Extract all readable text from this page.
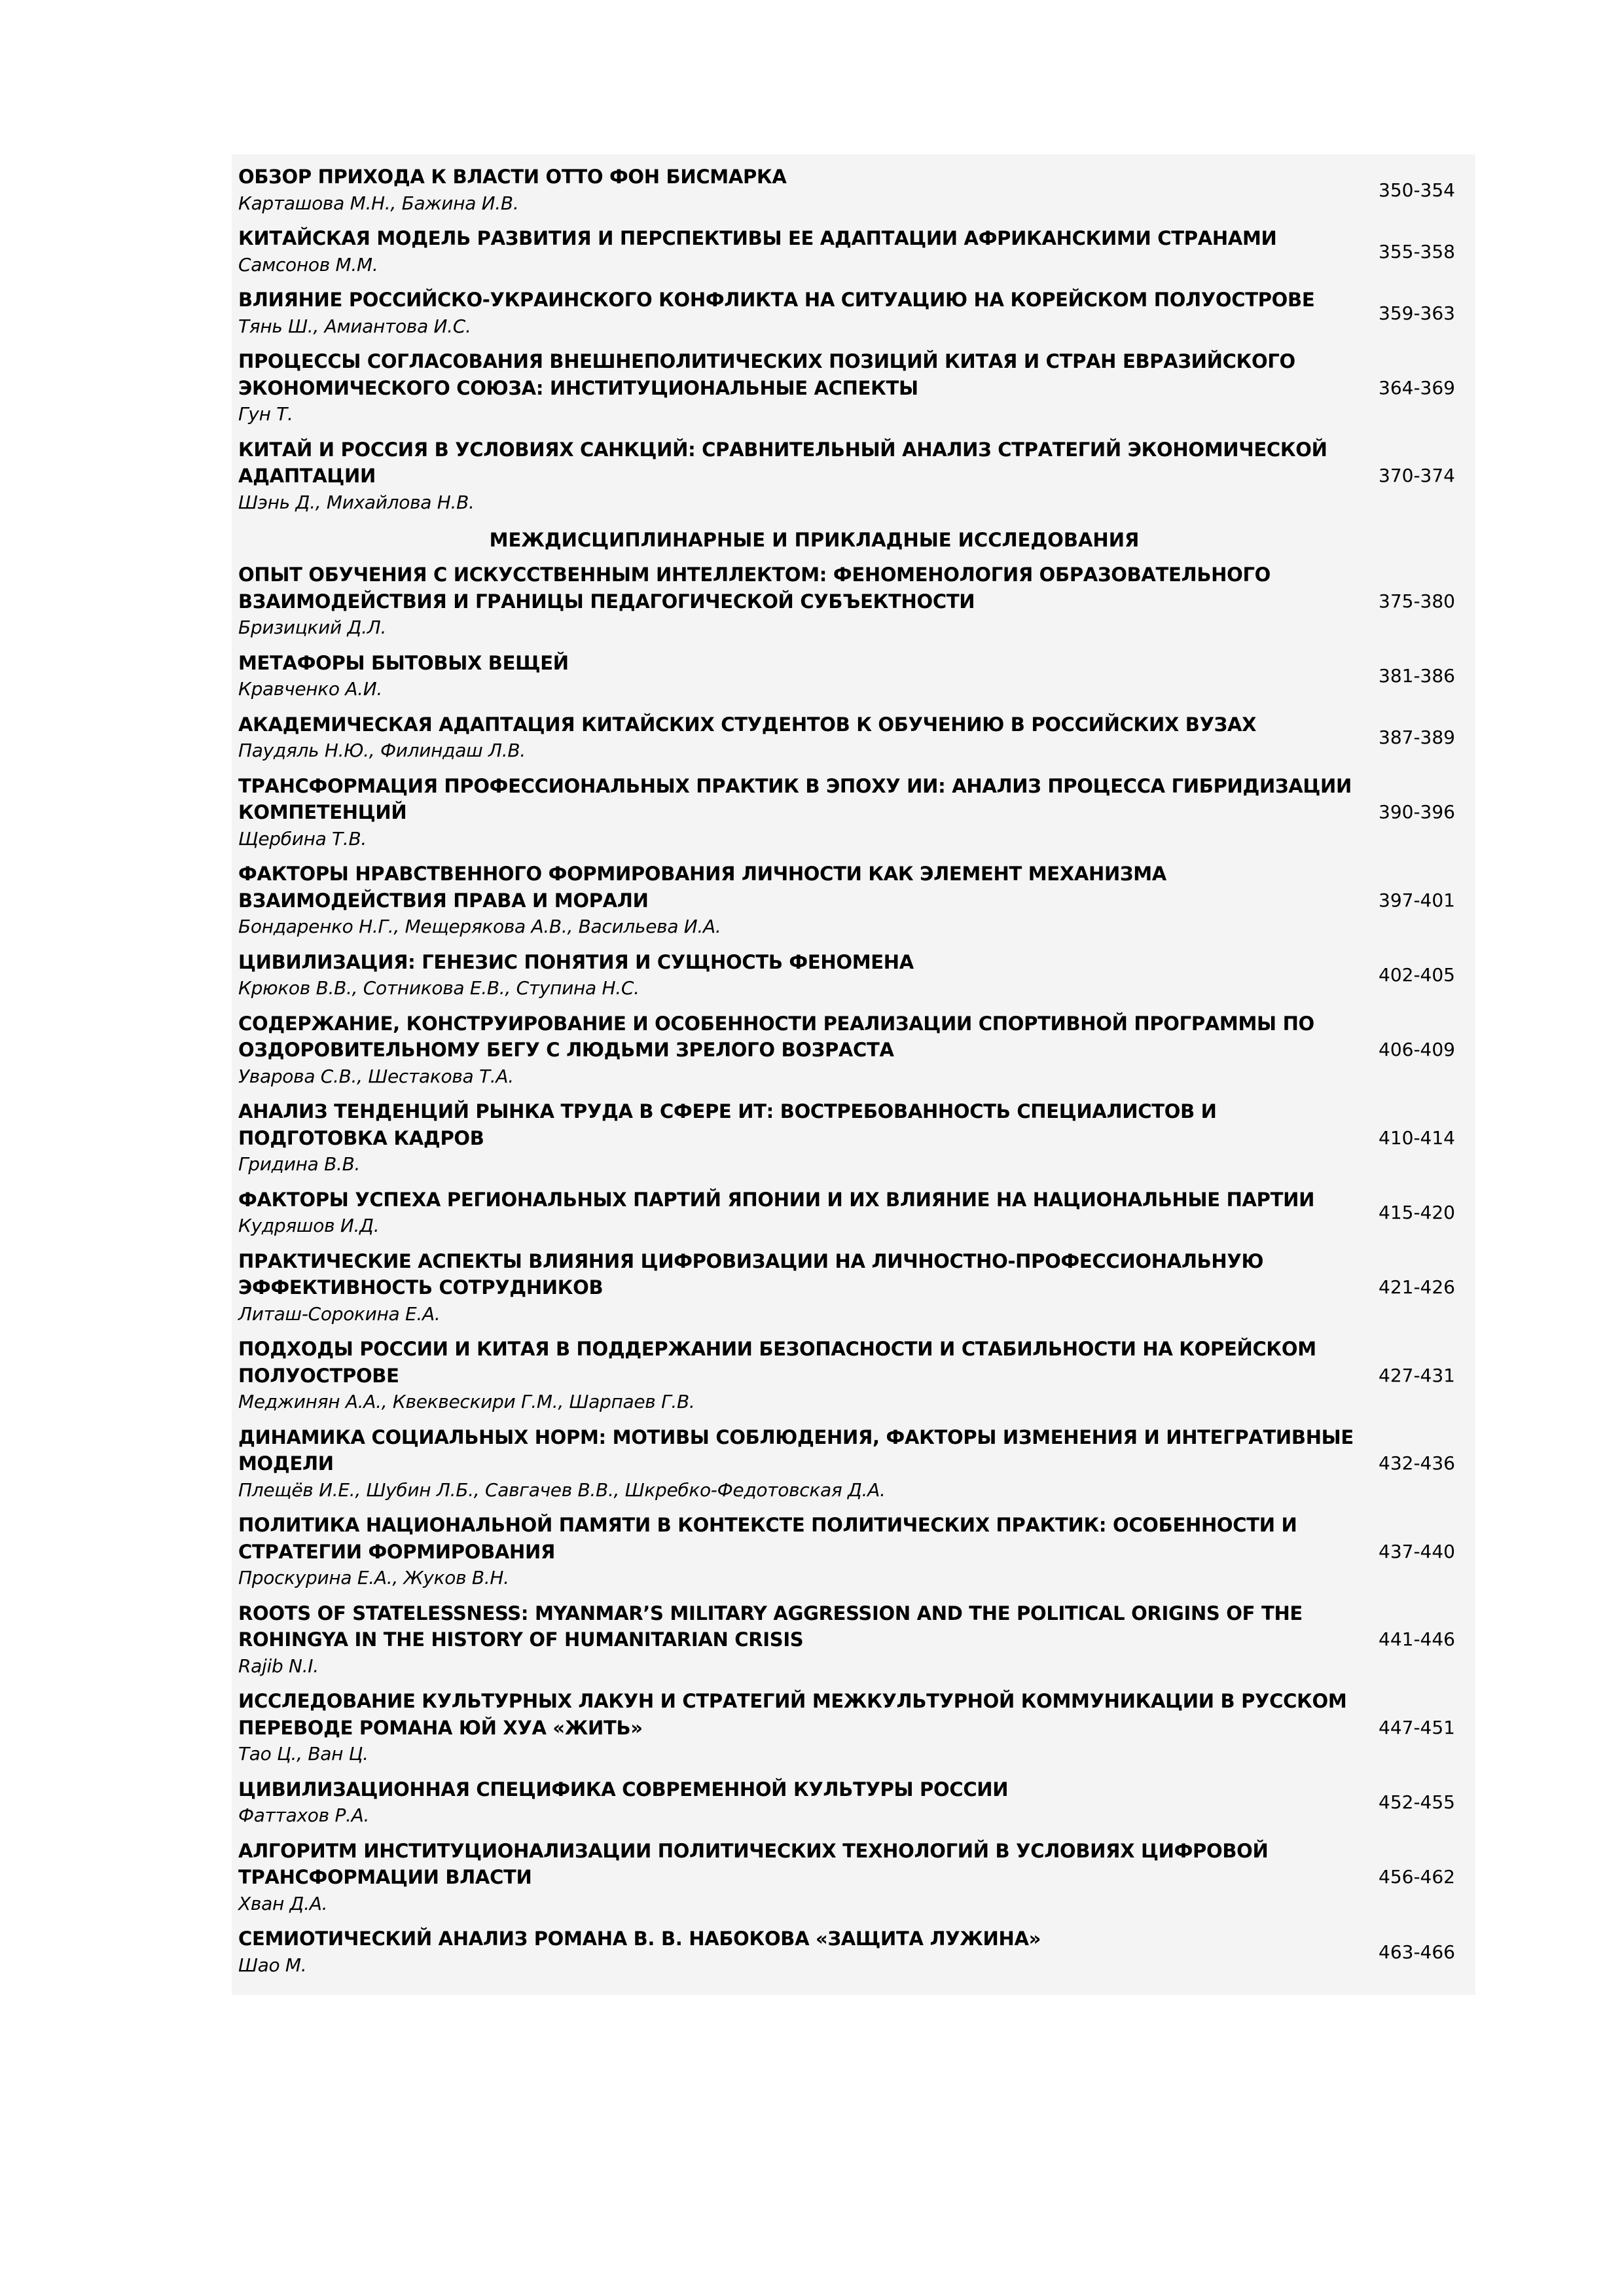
ОБЗОР ПРИХОДА К ВЛАСТИ ОТТО ФОН БИСМАРКА
Карташова М.Н., Бажина И.В.
350-354
КИТАЙСКАЯ МОДЕЛЬ РАЗВИТИЯ И ПЕРСПЕКТИВЫ ЕЕ АДАПТАЦИИ АФРИКАНСКИМИ СТРАНАМИ
Самсонов М.М.
355-358
ВЛИЯНИЕ РОССИЙСКО-УКРАИНСКОГО КОНФЛИКТА НА СИТУАЦИЮ НА КОРЕЙСКОМ ПОЛУОСТРОВЕ
Тянь Ш., Амиантова И.С.
359-363
ПРОЦЕССЫ СОГЛАСОВАНИЯ ВНЕШНЕПОЛИТИЧЕСКИХ ПОЗИЦИЙ КИТАЯ И СТРАН ЕВРАЗИЙСКОГО ЭКОНОМИЧЕСКОГО СОЮЗА: ИНСТИТУЦИОНАЛЬНЫЕ АСПЕКТЫ
Гун Т.
364-369
КИТАЙ И РОССИЯ В УСЛОВИЯХ САНКЦИЙ: СРАВНИТЕЛЬНЫЙ АНАЛИЗ СТРАТЕГИЙ ЭКОНОМИЧЕСКОЙ АДАПТАЦИИ
Шэнь Д., Михайлова Н.В.
370-374
МЕЖДИСЦИПЛИНАРНЫЕ И ПРИКЛАДНЫЕ ИССЛЕДОВАНИЯ
ОПЫТ ОБУЧЕНИЯ С ИСКУССТВЕННЫМ ИНТЕЛЛЕКТОМ: ФЕНОМЕНОЛОГИЯ ОБРАЗОВАТЕЛЬНОГО ВЗАИМОДЕЙСТВИЯ И ГРАНИЦЫ ПЕДАГОГИЧЕСКОЙ СУБЪЕКТНОСТИ
Бризицкий Д.Л.
375-380
МЕТАФОРЫ БЫТОВЫХ ВЕЩЕЙ
Кравченко А.И.
381-386
АКАДЕМИЧЕСКАЯ АДАПТАЦИЯ КИТАЙСКИХ СТУДЕНТОВ К ОБУЧЕНИЮ В РОССИЙСКИХ ВУЗАХ
Паудяль Н.Ю., Филиндаш Л.В.
387-389
ТРАНСФОРМАЦИЯ ПРОФЕССИОНАЛЬНЫХ ПРАКТИК В ЭПОХУ ИИ: АНАЛИЗ ПРОЦЕССА ГИБРИДИЗАЦИИ КОМПЕТЕНЦИЙ
Щербина Т.В.
390-396
ФАКТОРЫ НРАВСТВЕННОГО ФОРМИРОВАНИЯ ЛИЧНОСТИ КАК ЭЛЕМЕНТ МЕХАНИЗМА ВЗАИМОДЕЙСТВИЯ ПРАВА И МОРАЛИ
Бондаренко Н.Г., Мещерякова А.В., Васильева И.А.
397-401
ЦИВИЛИЗАЦИЯ: ГЕНЕЗИС ПОНЯТИЯ И СУЩНОСТЬ ФЕНОМЕНА
Крюков В.В., Сотникова Е.В., Ступина Н.С.
402-405
СОДЕРЖАНИЕ, КОНСТРУИРОВАНИЕ И ОСОБЕННОСТИ РЕАЛИЗАЦИИ СПОРТИВНОЙ ПРОГРАММЫ ПО ОЗДОРОВИТЕЛЬНОМУ БЕГУ С ЛЮДЬМИ ЗРЕЛОГО ВОЗРАСТА
Уварова С.В., Шестакова Т.А.
406-409
АНАЛИЗ ТЕНДЕНЦИЙ РЫНКА ТРУДА В СФЕРЕ ИТ: ВОСТРЕБОВАННОСТЬ СПЕЦИАЛИСТОВ И ПОДГОТОВКА КАДРОВ
Гридина В.В.
410-414
ФАКТОРЫ УСПЕХА РЕГИОНАЛЬНЫХ ПАРТИЙ ЯПОНИИ И ИХ ВЛИЯНИЕ НА НАЦИОНАЛЬНЫЕ ПАРТИИ
Кудряшов И.Д.
415-420
ПРАКТИЧЕСКИЕ АСПЕКТЫ ВЛИЯНИЯ ЦИФРОВИЗАЦИИ НА ЛИЧНОСТНО-ПРОФЕССИОНАЛЬНУЮ ЭФФЕКТИВНОСТЬ СОТРУДНИКОВ
Литаш-Сорокина Е.А.
421-426
ПОДХОДЫ РОССИИ И КИТАЯ В ПОДДЕРЖАНИИ БЕЗОПАСНОСТИ И СТАБИЛЬНОСТИ НА КОРЕЙСКОМ ПОЛУОСТРОВЕ
Меджинян А.А., Квеквескири Г.М., Шарпаев Г.В.
427-431
ДИНАМИКА СОЦИАЛЬНЫХ НОРМ: МОТИВЫ СОБЛЮДЕНИЯ, ФАКТОРЫ ИЗМЕНЕНИЯ И ИНТЕГРАТИВНЫЕ МОДЕЛИ
Плещёв И.Е., Шубин Л.Б., Савгачев В.В., Шкребко-Федотовская Д.А.
432-436
ПОЛИТИКА НАЦИОНАЛЬНОЙ ПАМЯТИ В КОНТЕКСТЕ ПОЛИТИЧЕСКИХ ПРАКТИК: ОСОБЕННОСТИ И СТРАТЕГИИ ФОРМИРОВАНИЯ
Проскурина Е.А., Жуков В.Н.
437-440
ROOTS OF STATELESSNESS: MYANMAR’S MILITARY AGGRESSION AND THE POLITICAL ORIGINS OF THE ROHINGYA IN THE HISTORY OF HUMANITARIAN CRISIS
Rajib N.I.
441-446
ИССЛЕДОВАНИЕ КУЛЬТУРНЫХ ЛАКУН И СТРАТЕГИЙ МЕЖКУЛЬТУРНОЙ КОММУНИКАЦИИ В РУССКОМ ПЕРЕВОДЕ РОМАНА ЮЙ ХУА «ЖИТЬ»
Тао Ц., Ван Ц.
447-451
ЦИВИЛИЗАЦИОННАЯ СПЕЦИФИКА СОВРЕМЕННОЙ КУЛЬТУРЫ РОССИИ
Фаттахов Р.А.
452-455
АЛГОРИТМ ИНСТИТУЦИОНАЛИЗАЦИИ ПОЛИТИЧЕСКИХ ТЕХНОЛОГИЙ В УСЛОВИЯХ ЦИФРОВОЙ ТРАНСФОРМАЦИИ ВЛАСТИ
Хван Д.А.
456-462
СЕМИОТИЧЕСКИЙ АНАЛИЗ РОМАНА В. В. НАБОКОВА «ЗАЩИТА ЛУЖИНА»
Шао М.
463-466
